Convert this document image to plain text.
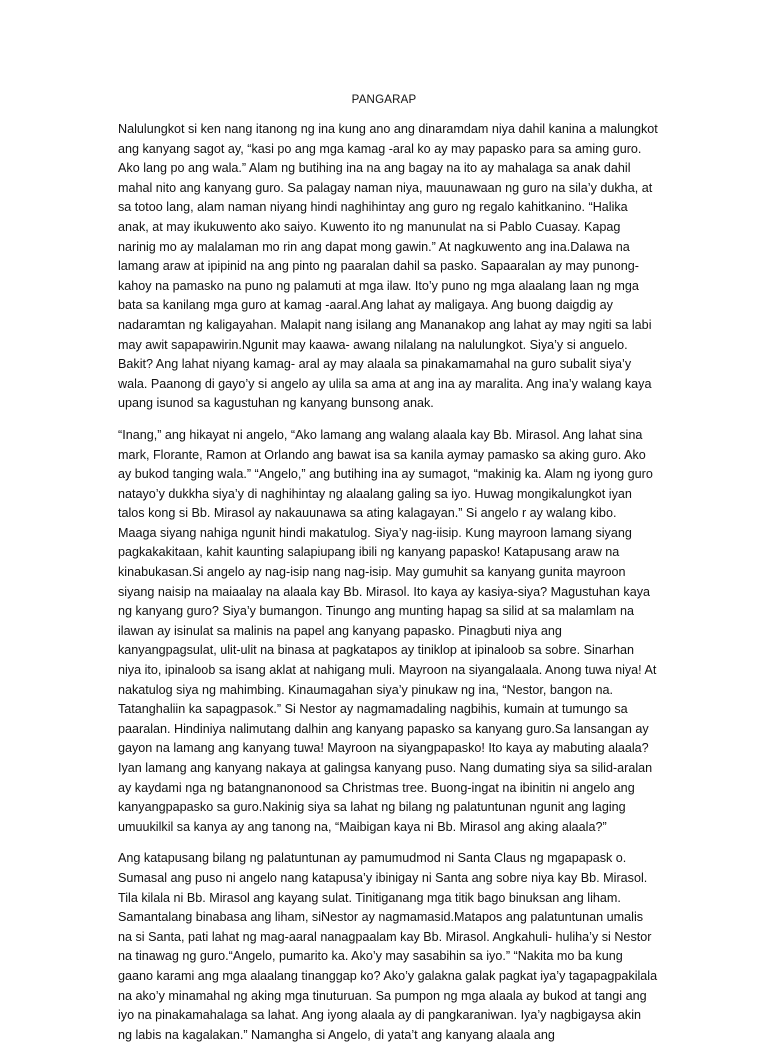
PANGARAP

Nalulungkot si ken nang itanong ng ina kung ano ang dinaramdam niya dahil kanina a malungkot ang kanyang sagot ay, “kasi po ang mga kamag -aral ko ay may papasko para sa aming guro. Ako lang po ang wala.” Alam ng butihing ina na ang bagay na ito ay mahalaga sa anak dahil mahal nito ang kanyang guro. Sa palagay naman niya, mauunawaan ng guro na sila’y dukha, at sa totoo lang, alam naman niyang hindi naghihintay ang guro ng regalo kahitkanino. “Halika anak, at may ikukuwento ako saiyo. Kuwento ito ng manunulat na si Pablo Cuasay. Kapag narinig mo ay malalaman mo rin ang dapat mong gawin.” At nagkuwento ang ina.Dalawa na lamang araw at ipipinid na ang pinto ng paaralan dahil sa pasko. Sapaaralan ay may punong-kahoy na pamasko na puno ng palamuti at mga ilaw. Ito’y puno ng mga alaalang laan ng mga bata sa kanilang mga guro at kamag -aaral.Ang lahat ay maligaya. Ang buong daigdig ay nadaramtan ng kaligayahan. Malapit nang isilang ang Mananakop ang lahat ay may ngiti sa labi may awit sapapawirin.Ngunit may kaawa- awang nilalang na nalulungkot. Siya’y si anguelo. Bakit? Ang lahat niyang kamag- aral ay may alaala sa pinakamamahal na guro subalit siya’y wala. Paanong di gayo’y si angelo ay ulila sa ama at ang ina ay maralita. Ang ina’y walang kaya upang isunod sa kagustuhan ng kanyang bunsong anak.

“Inang,” ang hikayat ni angelo, “Ako lamang ang walang alaala kay Bb. Mirasol. Ang lahat sina mark, Florante, Ramon at Orlando ang bawat isa sa kanila aymay pamasko sa aking guro. Ako ay bukod tanging wala.” “Angelo,” ang butihing ina ay sumagot, “makinig ka. Alam ng iyong guro natayo’y dukkha siya’y di naghihintay ng alaalang galing sa iyo. Huwag mongikalungkot iyan talos kong si Bb. Mirasol ay nakauunawa sa ating kalagayan.” Si angelo r ay walang kibo. Maaga siyang nahiga ngunit hindi makatulog. Siya’y nag-iisip. Kung mayroon lamang siyang pagkakakitaan, kahit kaunting salapiupang ibili ng kanyang papasko! Katapusang araw na kinabukasan.Si angelo ay nag-isip nang nag-isip. May gumuhit sa kanyang gunita mayroon siyang naisip na maiaalay na alaala kay Bb. Mirasol. Ito kaya ay kasiya-siya? Magustuhan kaya ng kanyang guro? Siya’y bumangon. Tinungo ang munting hapag sa silid at sa malamlam na ilawan ay isinulat sa malinis na papel ang kanyang papasko. Pinagbuti niya ang kanyangpagsulat, ulit-ulit na binasa at pagkatapos ay tiniklop at ipinaloob sa sobre. Sinarhan niya ito, ipinaloob sa isang aklat at nahigang muli. Mayroon na siyangalaala. Anong tuwa niya! At nakatulog siya ng mahimbing. Kinaumagahan siya’y pinukaw ng ina, “Nestor, bangon na. Tatanghaliin ka sapagpasok.” Si Nestor ay nagmamadaling nagbihis, kumain at tumungo sa paaralan. Hindiniya nalimutang dalhin ang kanyang papasko sa kanyang guro.Sa lansangan ay gayon na lamang ang kanyang tuwa! Mayroon na siyangpapasko! Ito kaya ay mabuting alaala? Iyan lamang ang kanyang nakaya at galingsa kanyang puso. Nang dumating siya sa silid-aralan ay kaydami nga ng batangnanonood sa Christmas tree. Buong-ingat na ibinitin ni angelo ang kanyangpapasko sa guro.Nakinig siya sa lahat ng bilang ng palatuntunan ngunit ang laging umuukilkil sa kanya ay ang tanong na, “Maibigan kaya ni Bb. Mirasol ang aking alaala?”

Ang katapusang bilang ng palatuntunan ay pamumudmod ni Santa Claus ng mgapapask o. Sumasal ang puso ni angelo nang katapusa’y ibinigay ni Santa ang sobre niya kay Bb. Mirasol. Tila kilala ni Bb. Mirasol ang kayang sulat. Tinitiganang mga titik bago binuksan ang liham. Samantalang binabasa ang liham, siNestor ay nagmamasid.Matapos ang palatuntunan umalis na si Santa, pati lahat ng mag-aaral nanagpaalam kay Bb. Mirasol. Angkahuli- huliha’y si Nestor na tinawag ng guro.“Angelo, pumarito ka. Ako’y may sasabihin sa iyo.” “Nakita mo ba kung gaano karami ang mga alaalang tinanggap ko? Ako’y galakna galak pagkat iya’y tagapagpakilala na ako’y minamahal ng aking mga tinuturuan. Sa pumpon ng mga alaala ay bukod at tangi ang iyo na pinakamahalaga sa lahat. Ang iyong alaala ay di pangkaraniwan. Iya’y nagbigaysa akin ng labis na kagalakan.” Namangha si Angelo, di yata’t ang kanyang alaala ang
